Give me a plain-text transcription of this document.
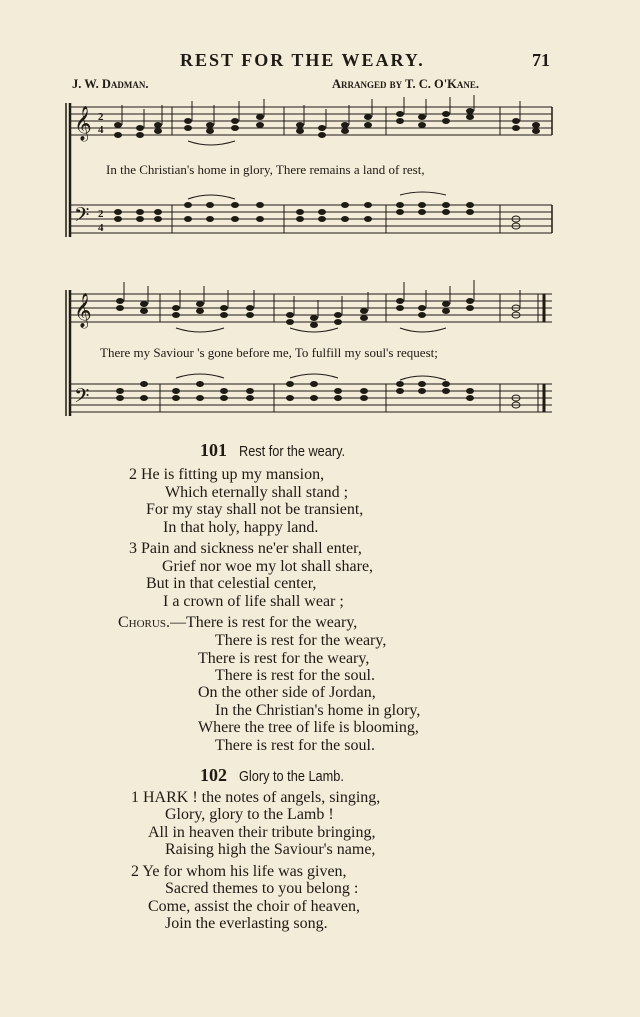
REST FOR THE WEARY.	71
J. W. Dadman.	Arranged by T. C. O'Kane.
𝄞 2
4
𝄢 2
4
In the Christian's home in glory, There remains a land of rest,
𝄞
𝄢
There my Saviour 's gone before me, To fulfill my soul's request;
101 Rest for the weary.
2 He is fitting up my mansion,
Which eternally shall stand ;
For my stay shall not be transient,
In that holy, happy land.
3 Pain and sickness ne'er shall enter,
Grief nor woe my lot shall share,
But in that celestial center,
I a crown of life shall wear ;
Chorus.—There is rest for the weary,
There is rest for the weary,
There is rest for the weary,
There is rest for the soul.
On the other side of Jordan,
In the Christian's home in glory,
Where the tree of life is blooming,
There is rest for the soul.
102 Glory to the Lamb.
1 HARK ! the notes of angels, singing,
Glory, glory to the Lamb !
All in heaven their tribute bringing,
Raising high the Saviour's name,
2 Ye for whom his life was given,
Sacred themes to you belong :
Come, assist the choir of heaven,
Join the everlasting song.
